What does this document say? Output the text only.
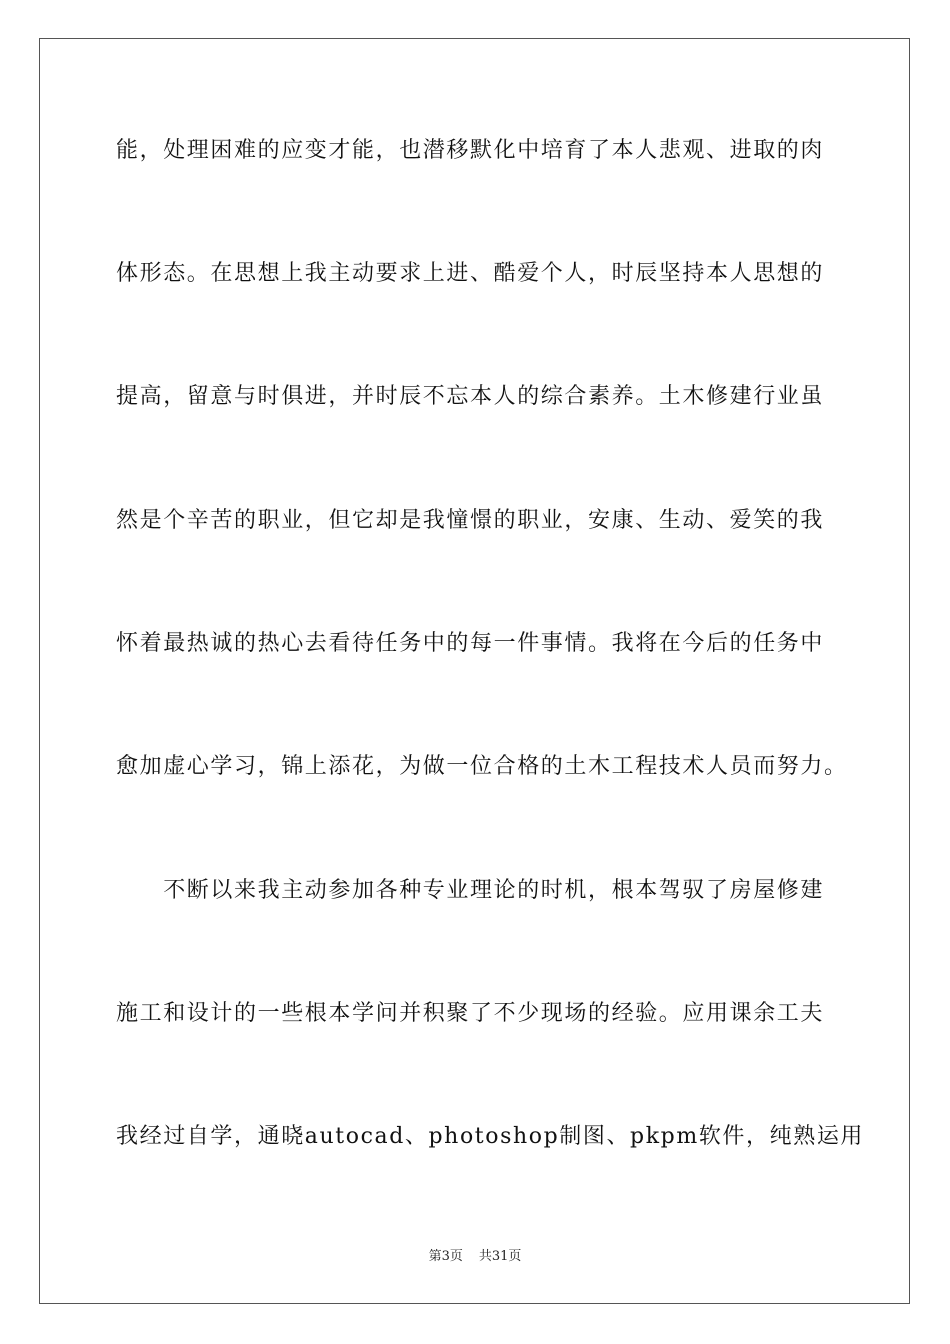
能，处理困难的应变才能，也潜移默化中培育了本人悲观、进取的肉
体形态。在思想上我主动要求上进、酷爱个人，时辰坚持本人思想的
提高，留意与时俱进，并时辰不忘本人的综合素养。土木修建行业虽
然是个辛苦的职业，但它却是我憧憬的职业，安康、生动、爱笑的我
怀着最热诚的热心去看待任务中的每一件事情。我将在今后的任务中
愈加虚心学习，锦上添花，为做一位合格的土木工程技术人员而努力。
　　不断以来我主动参加各种专业理论的时机，根本驾驭了房屋修建
施工和设计的一些根本学问并积聚了不少现场的经验。应用课余工夫
我经过自学，通晓autocad、photoshop制图、pkpm软件，纯熟运用
第3页 共31页
